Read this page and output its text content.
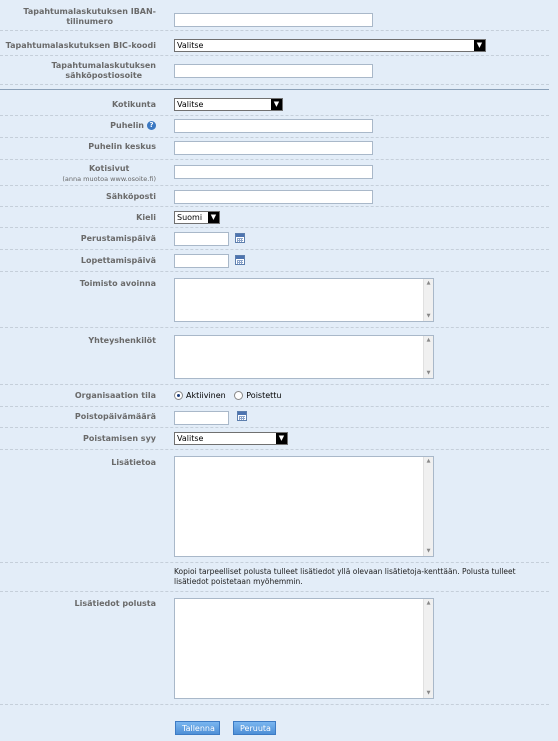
Tapahtumalaskutuksen IBAN-
tilinumero
Tapahtumalaskutuksen BIC-koodi	Valitse	▼
Tapahtumalaskutuksen
sähköpostiosoite
Kotikunta	Valitse	▼
Puhelin ?
Puhelin keskus
Kotisivut
(anna muotoa www.osoite.fi)
Sähköposti
Kieli	Suomi	▼
Perustamispäivä
Lopettamispäivä
Toimisto avoinna	▲
▼
Yhteyshenkilöt	▲
▼
Organisaation tila	Aktiivinen	Poistettu
Poistopäivämäärä
Poistamisen syy	Valitse	▼
Lisätietoa	▲
▼
Kopioi tarpeelliset polusta tulleet lisätiedot yllä olevaan lisätietoja-kenttään. Polusta tulleet lisätiedot poistetaan myöhemmin.
Lisätiedot polusta	▲
▼
Tallenna	Peruuta
